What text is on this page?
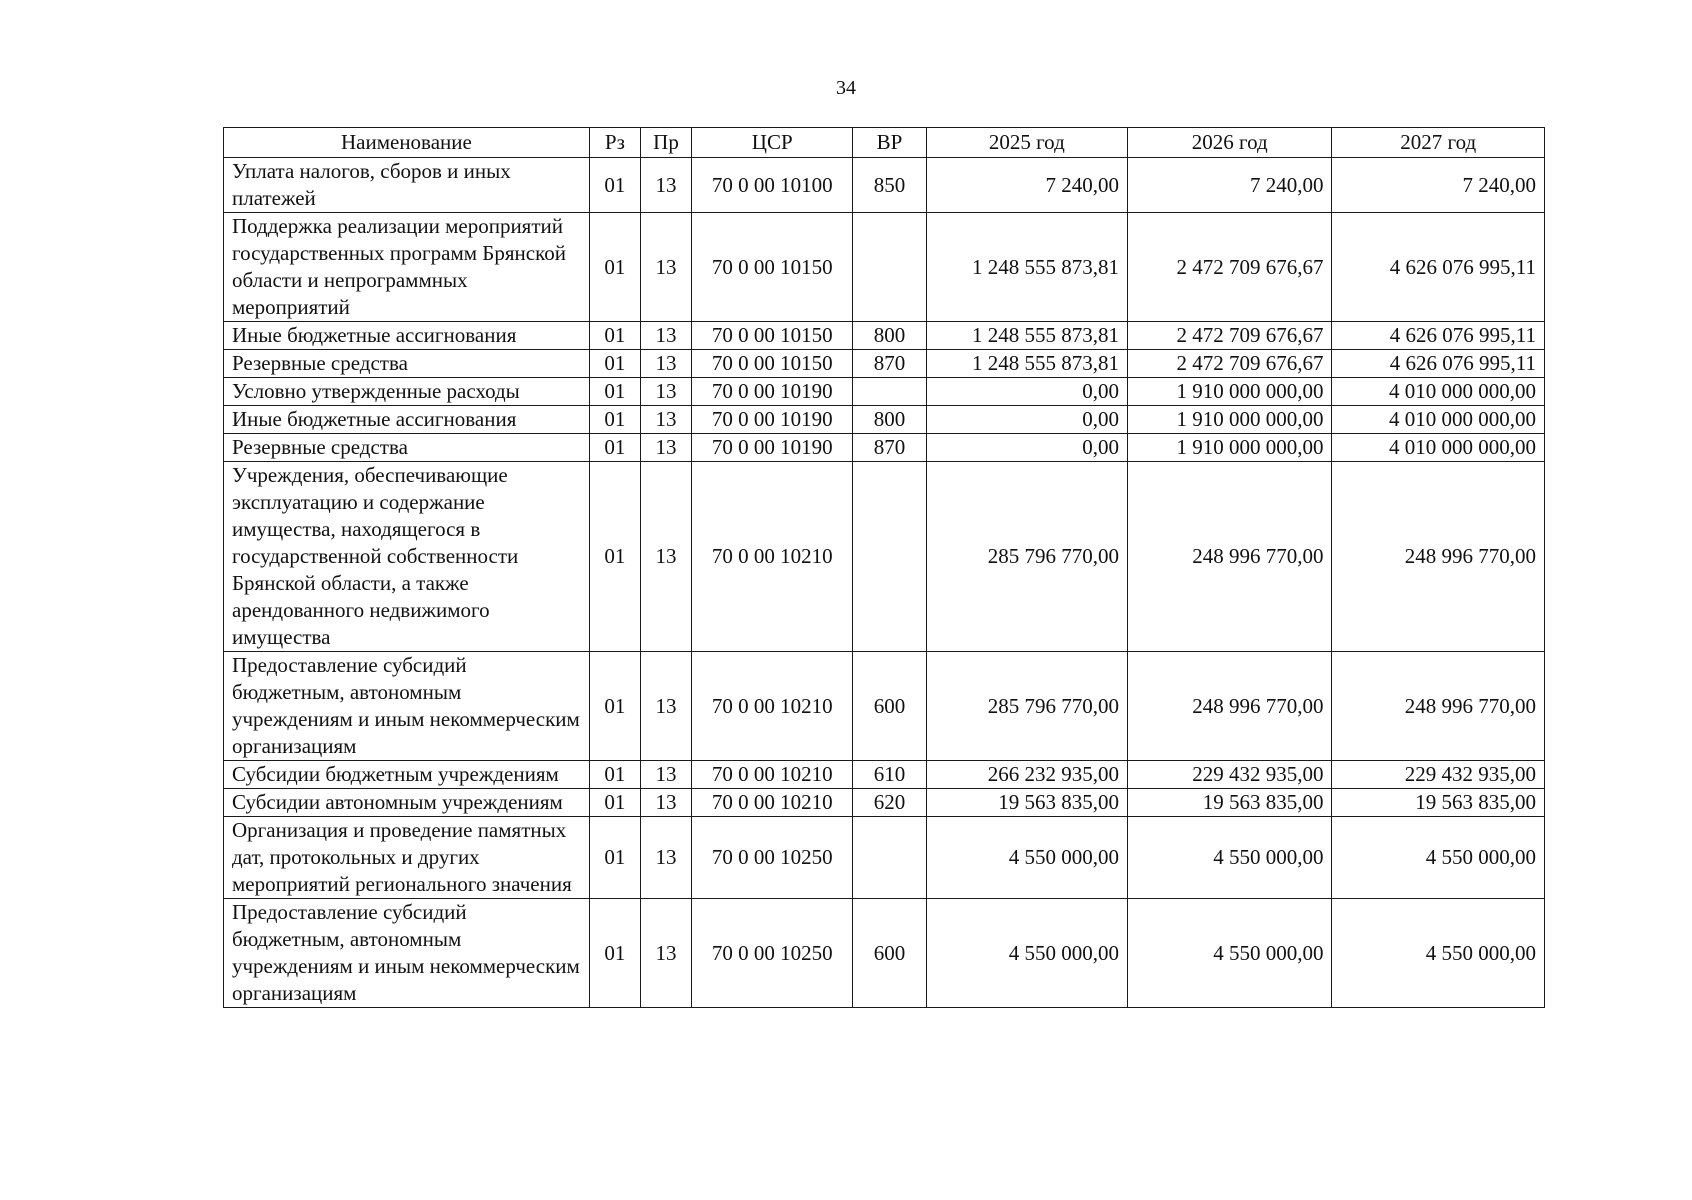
34
Наименование	Рз	Пр	ЦСР	ВР	2025 год	2026 год	2027 год
Уплата налогов, сборов и иных платежей	01	13	70 0 00 10100	850	7 240,00	7 240,00	7 240,00
Поддержка реализации мероприятий государственных программ Брянской области и непрограммных мероприятий	01	13	70 0 00 10150		1 248 555 873,81	2 472 709 676,67	4 626 076 995,11
Иные бюджетные ассигнования	01	13	70 0 00 10150	800	1 248 555 873,81	2 472 709 676,67	4 626 076 995,11
Резервные средства	01	13	70 0 00 10150	870	1 248 555 873,81	2 472 709 676,67	4 626 076 995,11
Условно утвержденные расходы	01	13	70 0 00 10190		0,00	1 910 000 000,00	4 010 000 000,00
Иные бюджетные ассигнования	01	13	70 0 00 10190	800	0,00	1 910 000 000,00	4 010 000 000,00
Резервные средства	01	13	70 0 00 10190	870	0,00	1 910 000 000,00	4 010 000 000,00
Учреждения, обеспечивающие эксплуатацию и содержание имущества, находящегося в государственной собственности Брянской области, а также арендованного недвижимого имущества	01	13	70 0 00 10210		285 796 770,00	248 996 770,00	248 996 770,00
Предоставление субсидий бюджетным, автономным учреждениям и иным некоммерческим организациям	01	13	70 0 00 10210	600	285 796 770,00	248 996 770,00	248 996 770,00
Субсидии бюджетным учреждениям	01	13	70 0 00 10210	610	266 232 935,00	229 432 935,00	229 432 935,00
Субсидии автономным учреждениям	01	13	70 0 00 10210	620	19 563 835,00	19 563 835,00	19 563 835,00
Организация и проведение памятных дат, протокольных и других мероприятий регионального значения	01	13	70 0 00 10250		4 550 000,00	4 550 000,00	4 550 000,00
Предоставление субсидий бюджетным, автономным учреждениям и иным некоммерческим организациям	01	13	70 0 00 10250	600	4 550 000,00	4 550 000,00	4 550 000,00
